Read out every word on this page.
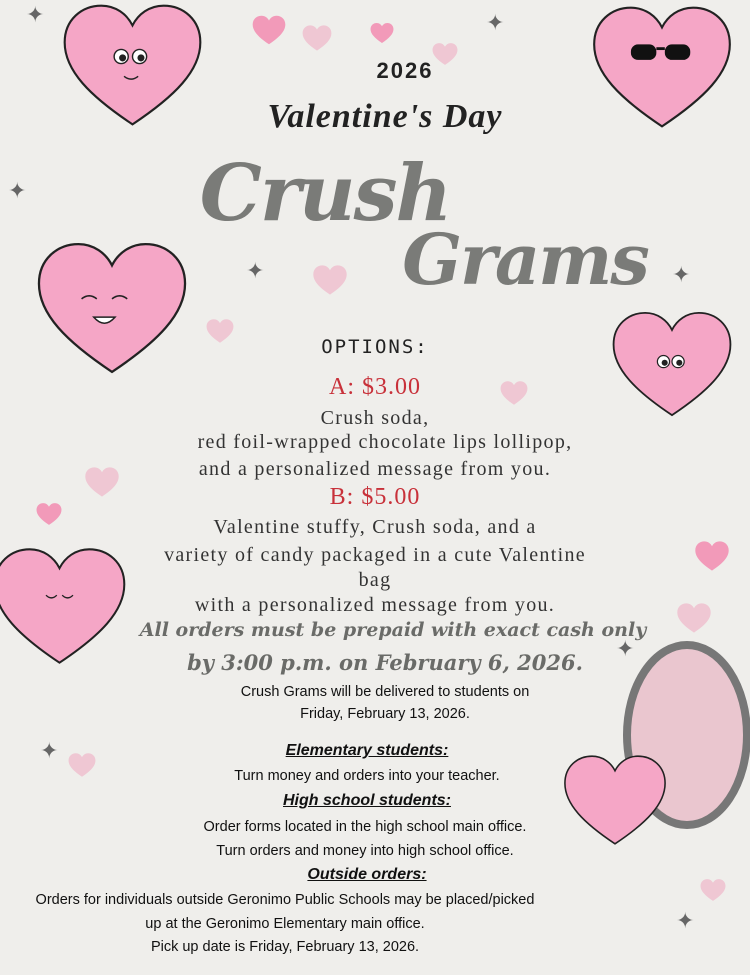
✦	✦
✦
✦	✦
✦
✦
✦
2026
Valentine's Day
Crush
Grams
OPTIONS:
A: $3.00
Crush soda,
red foil-wrapped chocolate lips lollipop,
and a personalized message from you.
B: $5.00
Valentine stuffy, Crush soda, and a
variety of candy packaged in a cute Valentine
bag
with a personalized message from you.
All orders must be prepaid with exact cash only
by 3:00 p.m. on February 6, 2026.
Crush Grams will be delivered to students on
Friday, February 13, 2026.
Elementary students:
Turn money and orders into your teacher.
High school students:
Order forms located in the high school main office.
Turn orders and money into high school office.
Outside orders:
Orders for individuals outside Geronimo Public Schools may be placed/picked
up at the Geronimo Elementary main office.
Pick up date is Friday, February 13, 2026.
